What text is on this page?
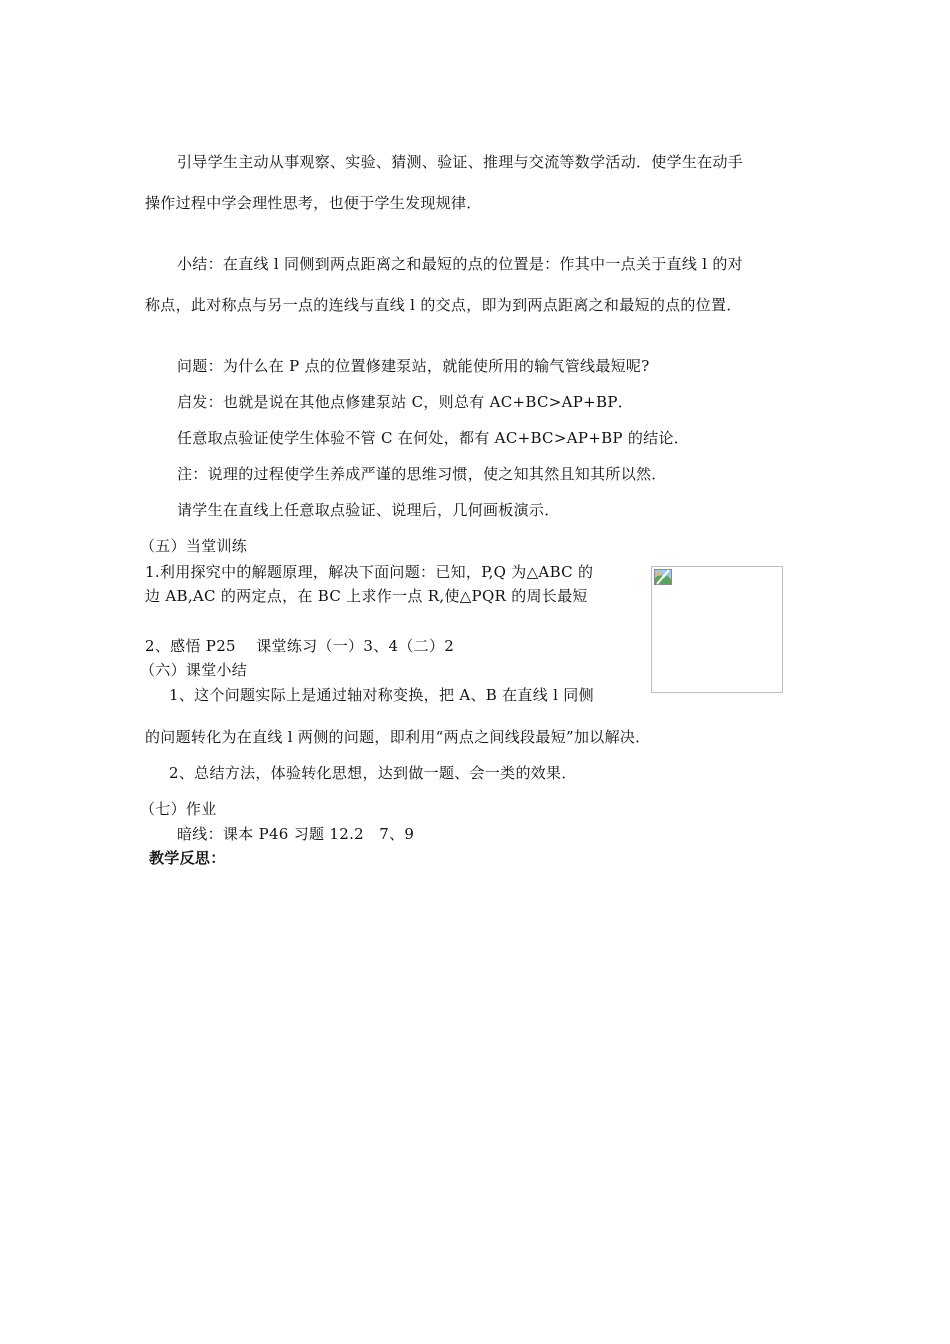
引导学生主动从事观察、实验、猜测、验证、推理与交流等数学活动．使学生在动手
操作过程中学会理性思考，也便于学生发现规律．
小结：在直线 l 同侧到两点距离之和最短的点的位置是：作其中一点关于直线 l 的对
称点，此对称点与另一点的连线与直线 l 的交点，即为到两点距离之和最短的点的位置．
问题：为什么在 P 点的位置修建泵站，就能使所用的输气管线最短呢?
启发：也就是说在其他点修建泵站 C，则总有 AC+BC>AP+BP．
任意取点验证使学生体验不管 C 在何处，都有 AC+BC>AP+BP 的结论．
注：说理的过程使学生养成严谨的思维习惯，使之知其然且知其所以然．
请学生在直线上任意取点验证、说理后，几何画板演示．
（五）当堂训练
1.利用探究中的解题原理，解决下面问题：已知，P,Q 为△ABC 的
边 AB,AC 的两定点，在 BC 上求作一点 R,使△PQR 的周长最短
2、感悟 P25　 课堂练习（一）3、4（二）2
（六）课堂小结
1、这个问题实际上是通过轴对称变换，把 A、B 在直线 l 同侧
的问题转化为在直线 l 两侧的问题，即利用“两点之间线段最短”加以解决．
2、总结方法，体验转化思想，达到做一题、会一类的效果．
（七）作业
暗线：课本 P46 习题 12.2　7、9
教学反思：
